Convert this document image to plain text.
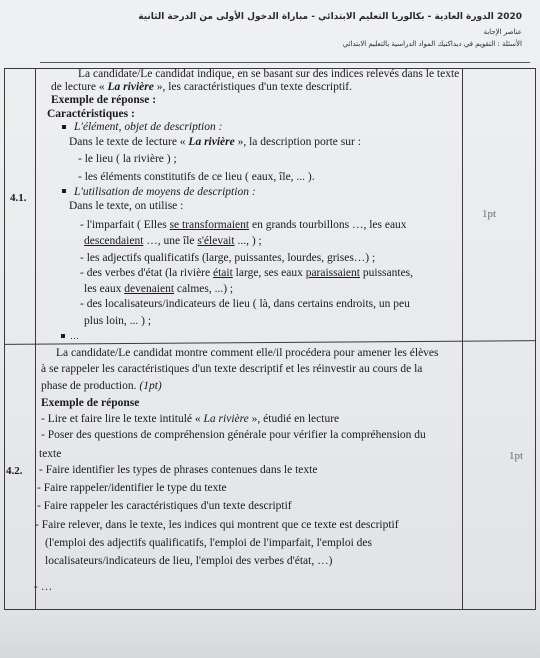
2020 الدورة العادية - بكالوريا التعليم الابتدائي - مباراة الدخول الأولى من الدرجة الثانية
عناصر الإجابة
الأسئلة : التقويم في ديداكتيك المواد الدراسية بالتعليم الابتدائي
4.1.
1pt
La candidate/Le candidat indique, en se basant sur des indices relevés dans le texte
de lecture « La rivière », les caractéristiques d'un texte descriptif.
Exemple de réponse :
Caractéristiques :
L'élément, objet de description :
Dans le texte de lecture « La rivière », la description porte sur :
- le lieu ( la rivière ) ;
- les éléments constitutifs de ce lieu ( eaux, île, ... ).
L'utilisation de moyens de description :
Dans le texte, on utilise :
- l'imparfait ( Elles se transformaient en grands tourbillons …, les eaux
descendaient …, une île s'élevait ..., ) ;
- les adjectifs qualificatifs (large, puissantes, lourdes, grises…) ;
- des verbes d'état (la rivière était large, ses eaux paraissaient puissantes,
les eaux devenaient calmes, ...) ;
- des localisateurs/indicateurs de lieu ( là, dans certains endroits, un peu
plus loin, ... ) ;
…
4.2.
1pt
La candidate/Le candidat montre comment elle/il procédera pour amener les élèves
à se rappeler les caractéristiques d'un texte descriptif et les réinvestir au cours de la
phase de production. (1pt)
Exemple de réponse
- Lire et faire lire le texte intitulé « La rivière », étudié en lecture
- Poser des questions de compréhension générale pour vérifier la compréhension du
texte
- Faire identifier les types de phrases contenues dans le texte
- Faire rappeler/identifier le type du texte
- Faire rappeler les caractéristiques d'un texte descriptif
- Faire relever, dans le texte, les indices qui montrent que ce texte est descriptif
(l'emploi des adjectifs qualificatifs, l'emploi de l'imparfait, l'emploi des
localisateurs/indicateurs de lieu, l'emploi des verbes d'état, …)
- …
